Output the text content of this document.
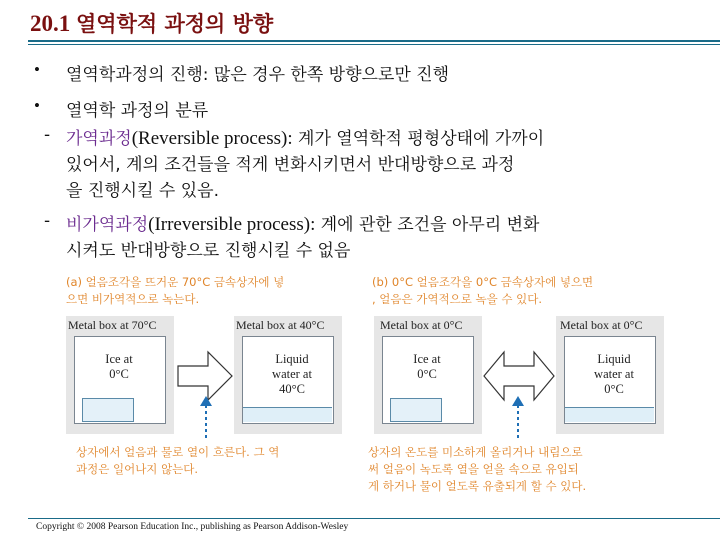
20.1 열역학적 과정의 방향
• 열역학과정의 진행: 많은 경우 한쪽 방향으로만 진행
• 열역학 과정의 분류
- 가역과정(Reversible process): 계가 열역학적 평형상태에 가까이
있어서, 계의 조건들을 적게 변화시키면서 반대방향으로 과정
을 진행시킬 수 있음.
- 비가역과정(Irreversible process): 계에 관한 조건을 아무리 변화
시켜도 반대방향으로 진행시킬 수 없음
(a) 얼음조각을 뜨거운 70°C 금속상자에 넣
으면 비가역적으로 녹는다.
(b) 0°C 얼음조각을 0°C 금속상자에 넣으면
, 얼음은 가역적으로 녹을 수 있다.
Metal box at 70°C
Ice at
0°C
Metal box at 40°C
Liquid
water at
40°C
상자에서 얼음과 물로 열이 흐른다. 그 역
과정은 일어나지 않는다.
Metal box at 0°C
Ice at
0°C
Metal box at 0°C
Liquid
water at
0°C
상자의 온도를 미소하게 올리거나 내림으로
써 얼음이 녹도록 열을 얻을 속으로 유입되
게 하거나 물이 얼도록 유출되게 할 수 있다.
Copyright © 2008 Pearson Education Inc., publishing as Pearson Addison-Wesley
